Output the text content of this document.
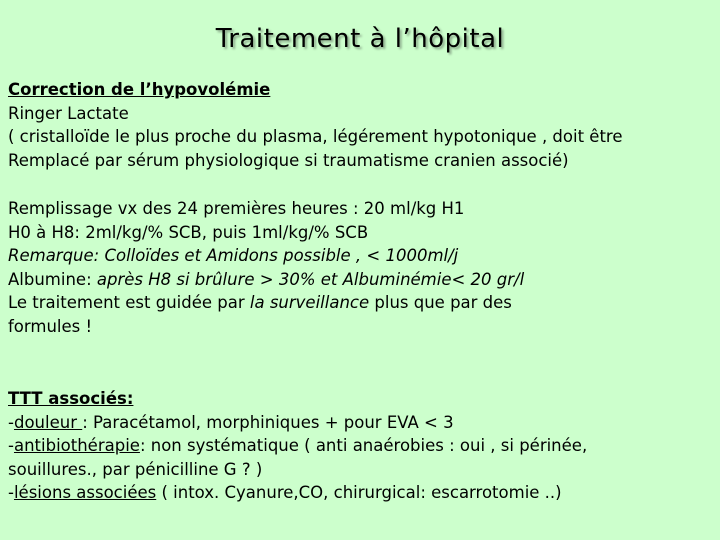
Traitement à l’hôpital

Correction de l’hypovolémie

Ringer Lactate

( cristalloïde le plus proche du plasma, légérement hypotonique , doit être

Remplacé par sérum physiologique si traumatisme cranien associé)

Remplissage vx des 24 premières heures : 20 ml/kg H1

H0 à H8: 2ml/kg/% SCB, puis 1ml/kg/% SCB

Remarque: Colloïdes et Amidons possible , < 1000ml/j

Albumine: après H8 si brûlure > 30% et Albuminémie< 20 gr/l

Le traitement est guidée par la surveillance plus que par des

formules !

TTT associés:

-douleur : Paracétamol, morphiniques + pour EVA < 3

-antibiothérapie: non systématique ( anti anaérobies : oui , si périnée,

souillures., par pénicilline G ? )

-lésions associées ( intox. Cyanure,CO, chirurgical: escarrotomie ..)
